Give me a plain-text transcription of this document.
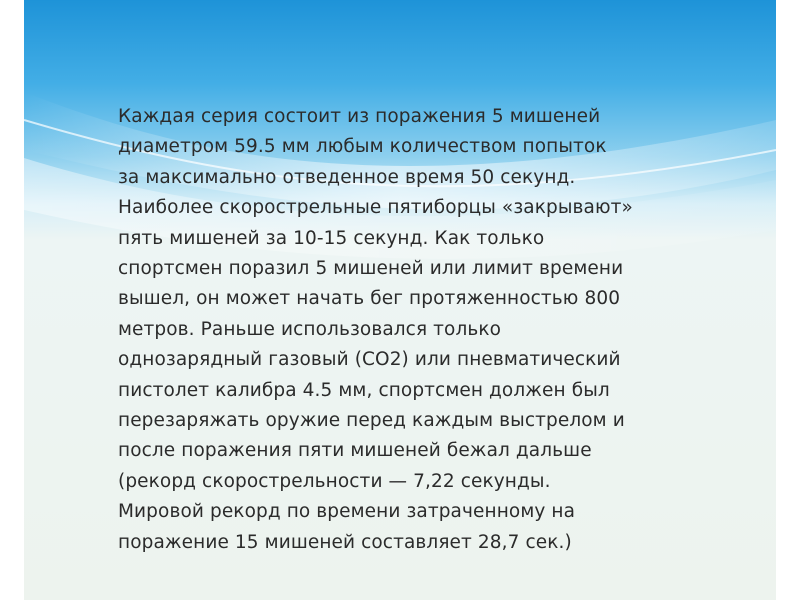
Каждая серия состоит из поражения 5 мишеней
диаметром 59.5 мм любым количеством попыток
за максимально отведенное время 50 секунд.
Наиболее скорострельные пятиборцы «закрывают»
пять мишеней за 10-15 секунд. Как только
спортсмен поразил 5 мишеней или лимит времени
вышел, он может начать бег протяженностью 800
метров. Раньше использовался только
однозарядный газовый (CO2) или пневматический
пистолет калибра 4.5 мм, спортсмен должен был
перезаряжать оружие перед каждым выстрелом и
после поражения пяти мишеней бежал дальше
(рекорд скорострельности — 7,22 секунды.
Мировой рекорд по времени затраченному на
поражение 15 мишеней составляет 28,7 сек.)
